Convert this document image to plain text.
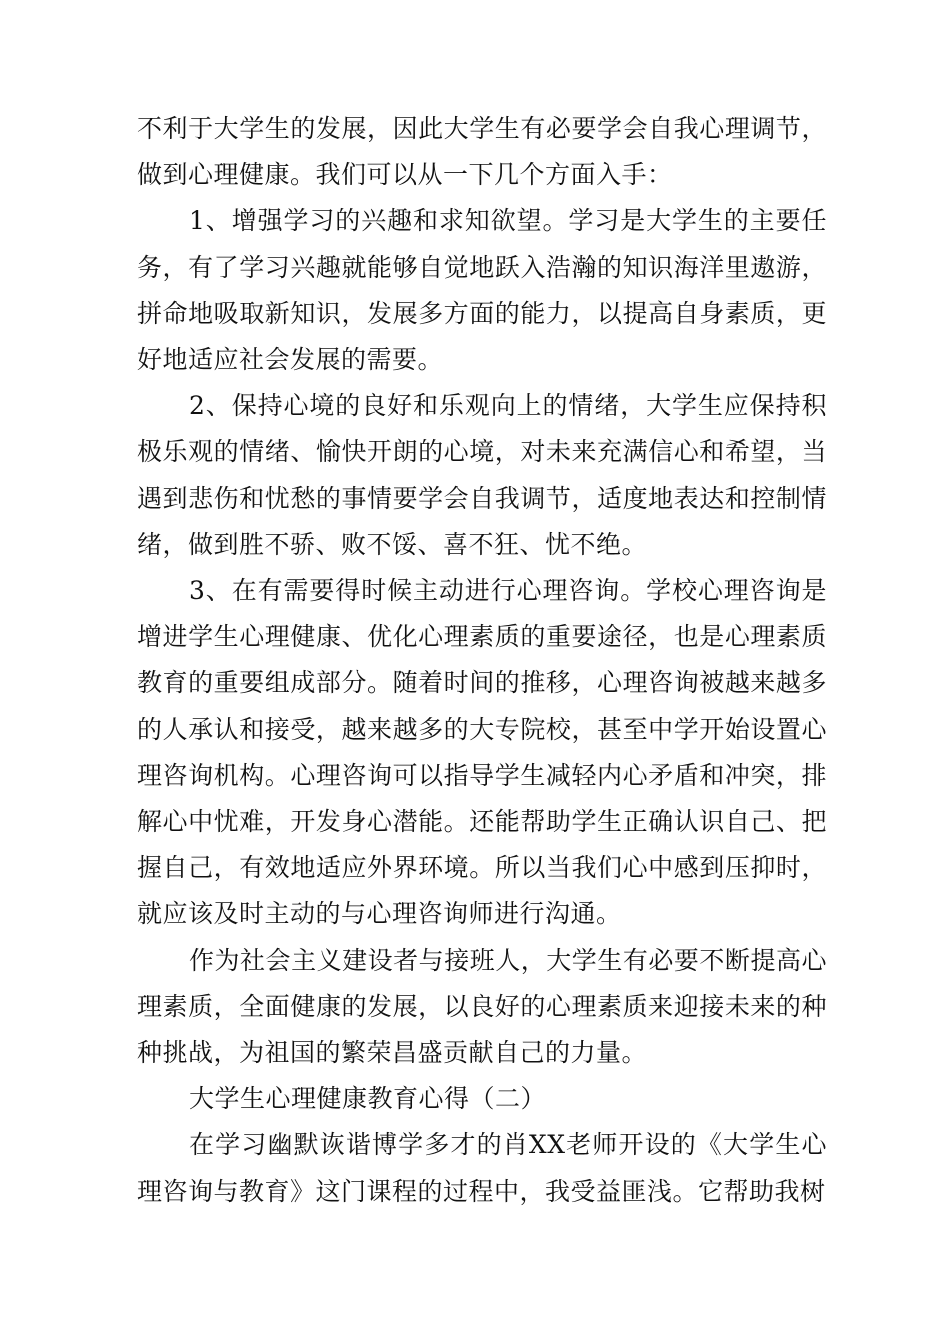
不利于大学生的发展，因此大学生有必要学会自我心理调节，做到心理健康。我们可以从一下几个方面入手：

1、增强学习的兴趣和求知欲望。学习是大学生的主要任务，有了学习兴趣就能够自觉地跃入浩瀚的知识海洋里遨游，拼命地吸取新知识，发展多方面的能力，以提高自身素质，更好地适应社会发展的需要。

2、保持心境的良好和乐观向上的情绪，大学生应保持积极乐观的情绪、愉快开朗的心境，对未来充满信心和希望，当遇到悲伤和忧愁的事情要学会自我调节，适度地表达和控制情绪，做到胜不骄、败不馁、喜不狂、忧不绝。

3、在有需要得时候主动进行心理咨询。学校心理咨询是增进学生心理健康、优化心理素质的重要途径，也是心理素质教育的重要组成部分。随着时间的推移，心理咨询被越来越多的人承认和接受，越来越多的大专院校，甚至中学开始设置心理咨询机构。心理咨询可以指导学生减轻内心矛盾和冲突，排解心中忧难，开发身心潜能。还能帮助学生正确认识自己、把握自己，有效地适应外界环境。所以当我们心中感到压抑时，就应该及时主动的与心理咨询师进行沟通。

作为社会主义建设者与接班人，大学生有必要不断提高心理素质，全面健康的发展，以良好的心理素质来迎接未来的种种挑战，为祖国的繁荣昌盛贡献自己的力量。

大学生心理健康教育心得（二）

在学习幽默诙谐博学多才的肖XX老师开设的《大学生心理咨询与教育》这门课程的过程中，我受益匪浅。它帮助我树
